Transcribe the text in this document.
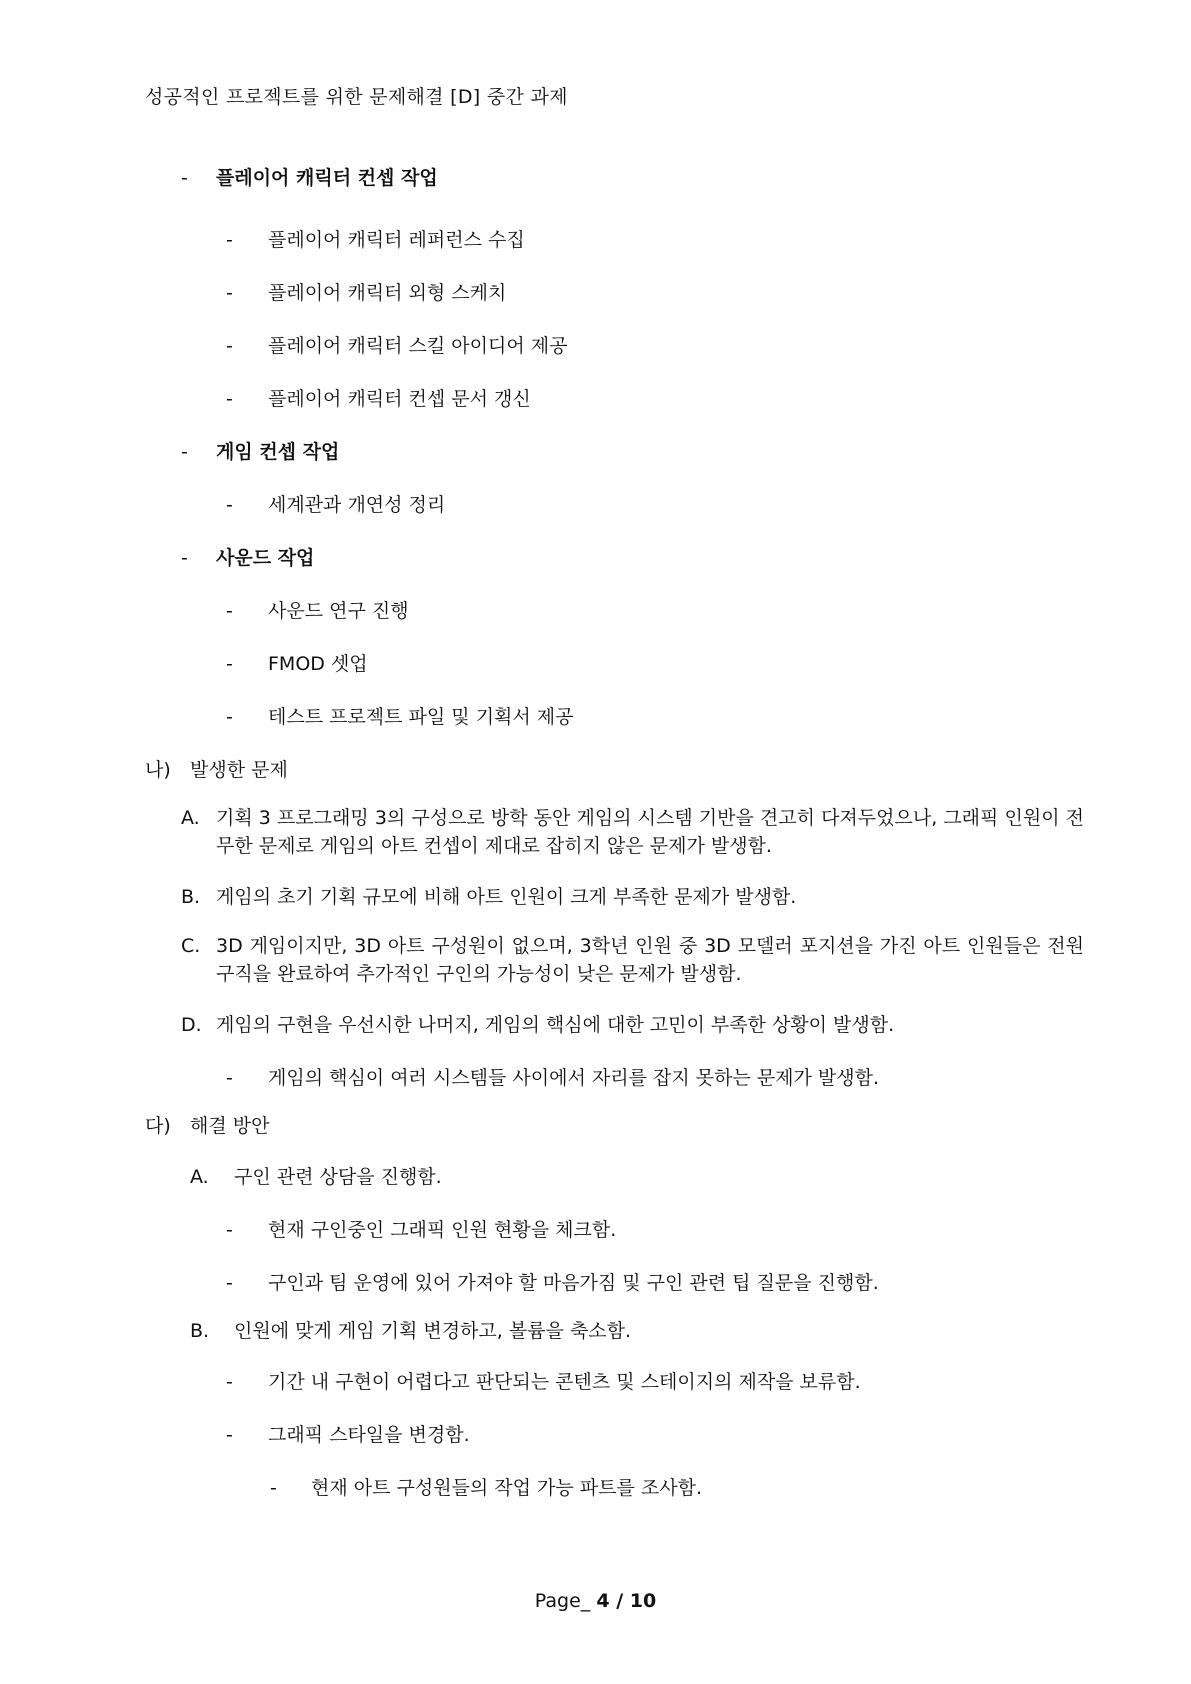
성공적인 프로젝트를 위한 문제해결 [D] 중간 과제
- 플레이어 캐릭터 컨셉 작업
- 플레이어 캐릭터 레퍼런스 수집
- 플레이어 캐릭터 외형 스케치
- 플레이어 캐릭터 스킬 아이디어 제공
- 플레이어 캐릭터 컨셉 문서 갱신
- 게임 컨셉 작업
- 세계관과 개연성 정리
- 사운드 작업
- 사운드 연구 진행
- FMOD 셋업
- 테스트 프로젝트 파일 및 기획서 제공
나) 발생한 문제
A. 기획 3 프로그래밍 3의 구성으로 방학 동안 게임의 시스템 기반을 견고히 다져두었으나, 그래픽 인원이 전무한 문제로 게임의 아트 컨셉이 제대로 잡히지 않은 문제가 발생함.
B. 게임의 초기 기획 규모에 비해 아트 인원이 크게 부족한 문제가 발생함.
C. 3D 게임이지만, 3D 아트 구성원이 없으며, 3학년 인원 중 3D 모델러 포지션을 가진 아트 인원들은 전원 구직을 완료하여 추가적인 구인의 가능성이 낮은 문제가 발생함.
D. 게임의 구현을 우선시한 나머지, 게임의 핵심에 대한 고민이 부족한 상황이 발생함.
- 게임의 핵심이 여러 시스템들 사이에서 자리를 잡지 못하는 문제가 발생함.
다) 해결 방안
A. 구인 관련 상담을 진행함.
- 현재 구인중인 그래픽 인원 현황을 체크함.
- 구인과 팀 운영에 있어 가져야 할 마음가짐 및 구인 관련 팁 질문을 진행함.
B. 인원에 맞게 게임 기획 변경하고, 볼륨을 축소함.
- 기간 내 구현이 어렵다고 판단되는 콘텐츠 및 스테이지의 제작을 보류함.
- 그래픽 스타일을 변경함.
- 현재 아트 구성원들의 작업 가능 파트를 조사함.
Page_ 4 / 10
